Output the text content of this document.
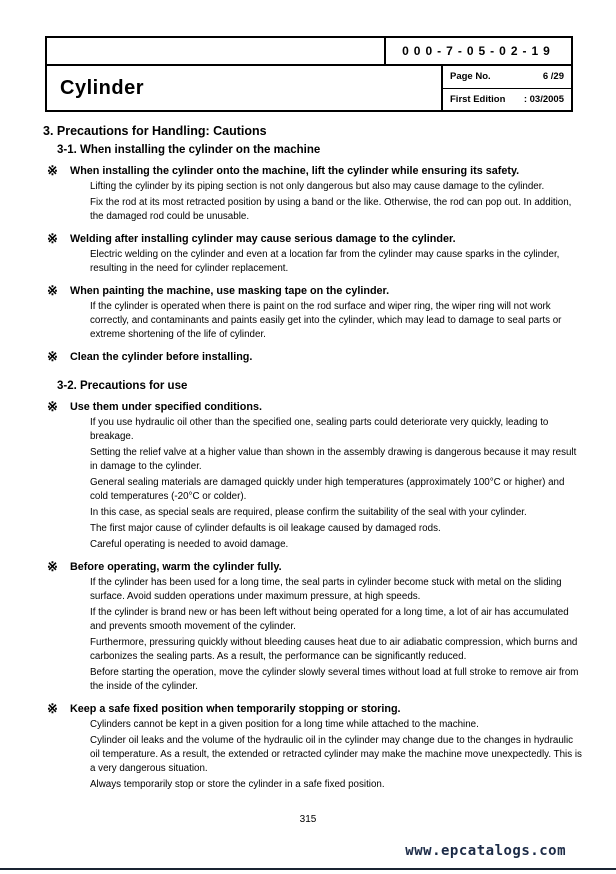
000-7-05-02-19
Cylinder	Page No.	6 /29
First Edition	: 03/2005
3. Precautions for Handling: Cautions
3-1. When installing the cylinder on the machine
※	When installing the cylinder onto the machine, lift the cylinder while ensuring its safety.

Lifting the cylinder by its piping section is not only dangerous but also may cause damage to the cylinder.

Fix the rod at its most retracted position by using a band or the like. Otherwise, the rod can pop out. In addition, the damaged rod could be unusable.

※	Welding after installing cylinder may cause serious damage to the cylinder.

Electric welding on the cylinder and even at a location far from the cylinder may cause sparks in the cylinder, resulting in the need for cylinder replacement.

※	When painting the machine, use masking tape on the cylinder.

If the cylinder is operated when there is paint on the rod surface and wiper ring, the wiper ring will not work correctly, and contaminants and paints easily get into the cylinder, which may lead to damage to seal parts or extreme shortening of the life of cylinder.

※	Clean the cylinder before installing.
3-2. Precautions for use
※	Use them under specified conditions.

If you use hydraulic oil other than the specified one, sealing parts could deteriorate very quickly, leading to breakage.

Setting the relief valve at a higher value than shown in the assembly drawing is dangerous because it may result in damage to the cylinder.

General sealing materials are damaged quickly under high temperatures (approximately 100°C or higher) and cold temperatures (-20°C or colder).

In this case, as special seals are required, please confirm the suitability of the seal with your cylinder.

The first major cause of cylinder defaults is oil leakage caused by damaged rods.

Careful operating is needed to avoid damage.

※	Before operating, warm the cylinder fully.

If the cylinder has been used for a long time, the seal parts in cylinder become stuck with metal on the sliding surface. Avoid sudden operations under maximum pressure, at high speeds.

If the cylinder is brand new or has been left without being operated for a long time, a lot of air has accumulated and prevents smooth movement of the cylinder.

Furthermore, pressuring quickly without bleeding causes heat due to air adiabatic compression, which burns and carbonizes the sealing parts. As a result, the performance can be significantly reduced.

Before starting the operation, move the cylinder slowly several times without load at full stroke to remove air from the inside of the cylinder.

※	Keep a safe fixed position when temporarily stopping or storing.

Cylinders cannot be kept in a given position for a long time while attached to the machine.

Cylinder oil leaks and the volume of the hydraulic oil in the cylinder may change due to the changes in hydraulic oil temperature. As a result, the extended or retracted cylinder may make the machine move unexpectedly. This is a very dangerous situation.

Always temporarily stop or store the cylinder in a safe fixed position.

315
www.epcatalogs.com
